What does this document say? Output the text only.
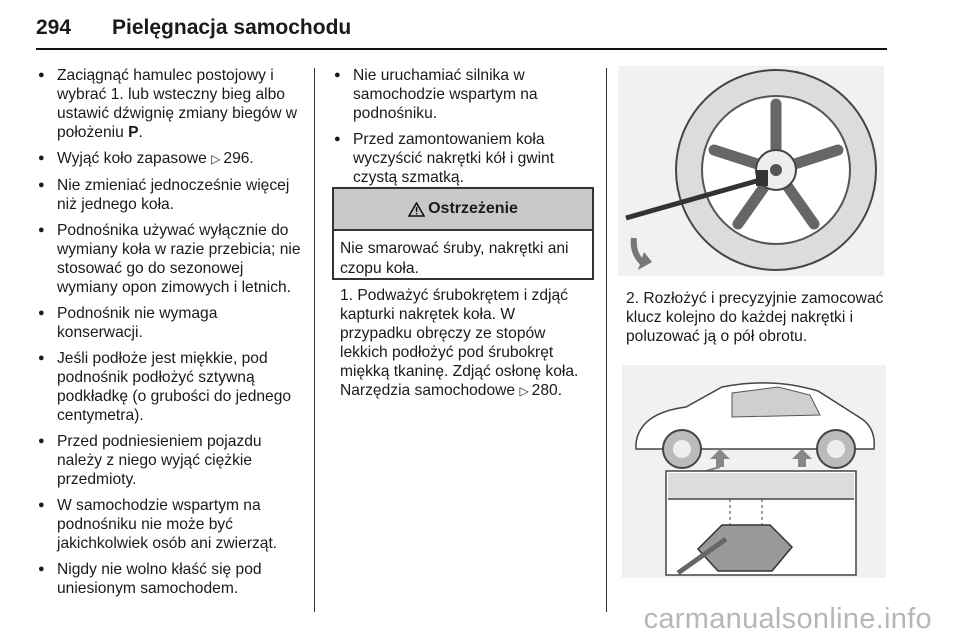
294 Pielęgnacja samochodu
● Zaciągnąć hamulec postojowy i wybrać 1. lub wsteczny bieg albo ustawić dźwignię zmiany biegów w położeniu P.
● Wyjąć koło zapasowe ▷ 296.
● Nie zmieniać jednocześnie więcej niż jednego koła.
● Podnośnika używać wyłącznie do wymiany koła w razie przebicia; nie stosować go do sezonowej wymiany opon zimowych i letnich.
● Podnośnik nie wymaga konserwacji.
● Jeśli podłoże jest miękkie, pod podnośnik podłożyć sztywną podkładkę (o grubości do jednego centymetra).
● Przed podniesieniem pojazdu należy z niego wyjąć ciężkie przedmioty.
● W samochodzie wspartym na podnośniku nie może być jakichkolwiek osób ani zwierząt.
● Nigdy nie wolno kłaść się pod uniesionym samochodem.
● Nie uruchamiać silnika w samochodzie wspartym na podnośniku.
● Przed zamontowaniem koła wyczyścić nakrętki kół i gwint czystą szmatką.
Ostrzeżenie
Nie smarować śruby, nakrętki ani czopu koła.
1. Podważyć śrubokrętem i zdjąć kapturki nakrętek koła. W przypadku obręczy ze stopów lekkich podłożyć pod śrubokręt miękką tkaninę. Zdjąć osłonę koła. Narzędzia samochodowe ▷ 280.
2. Rozłożyć i precyzyjnie zamocować klucz kolejno do każdej nakrętki i poluzować ją o pół obrotu.
carmanualsonline.info
